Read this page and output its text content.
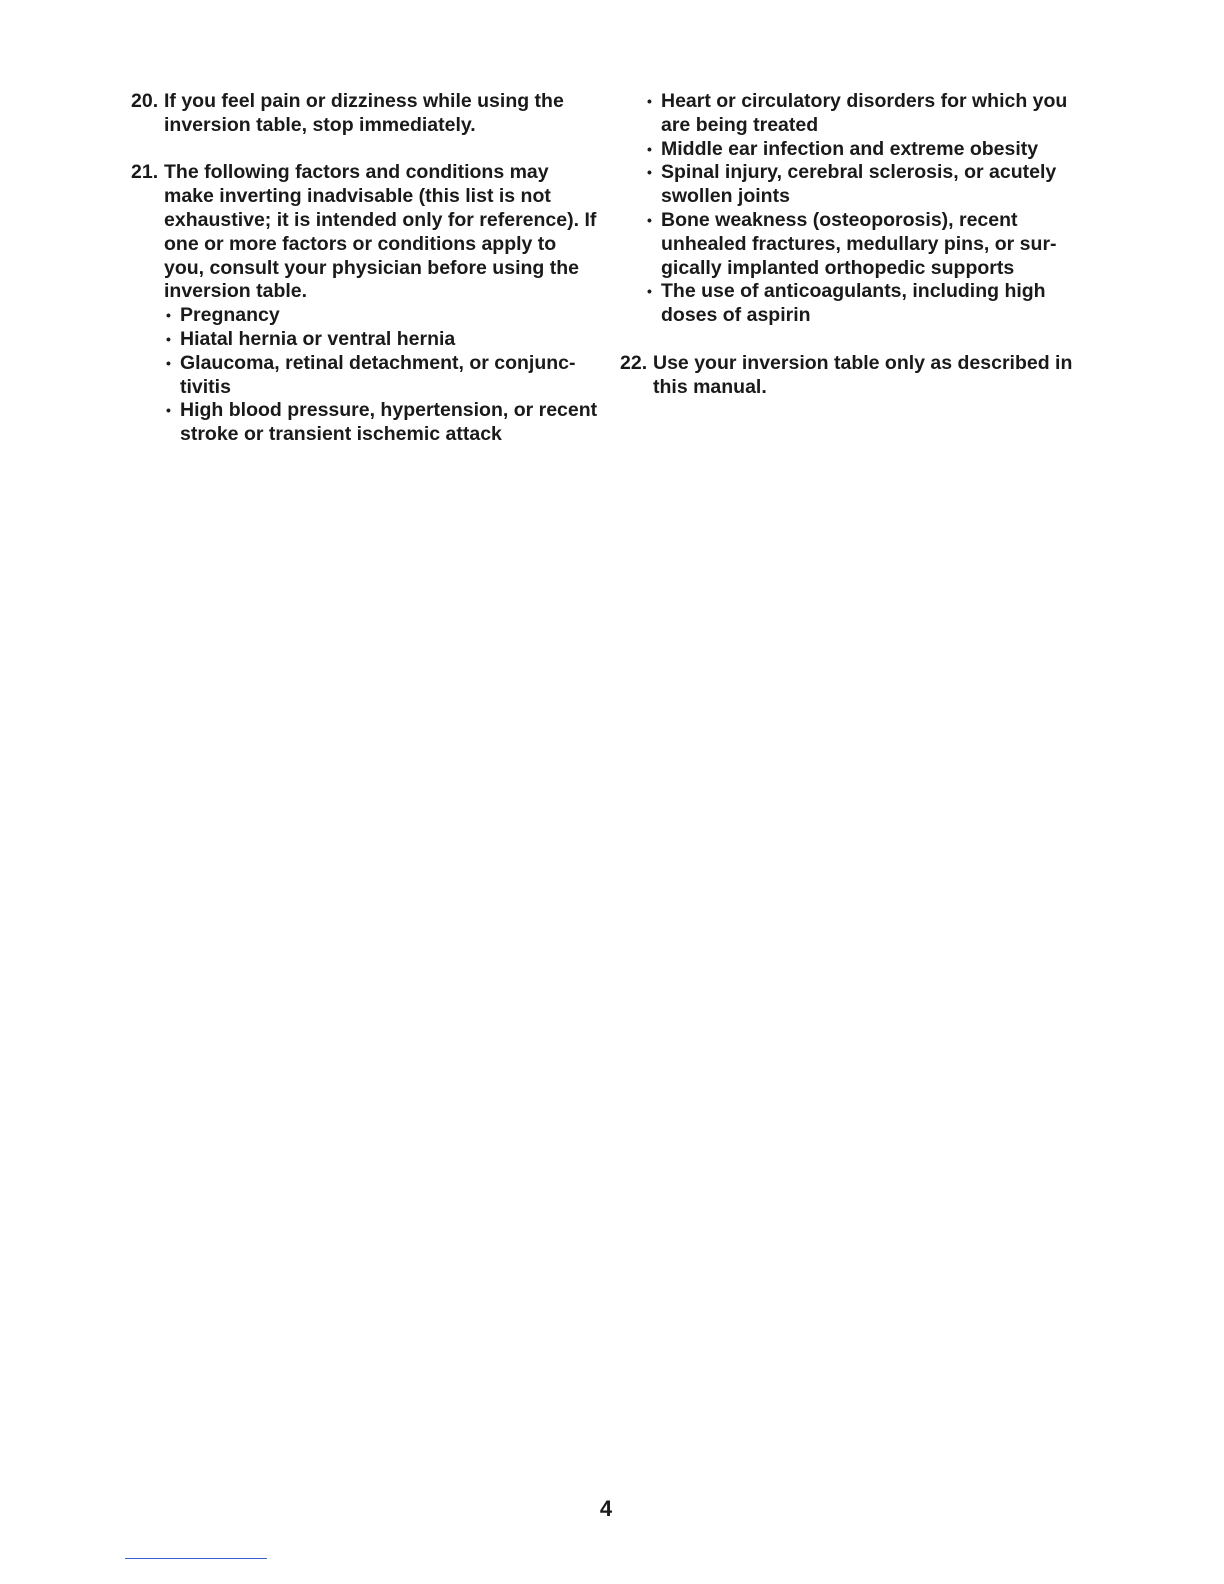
20. If you feel pain or dizziness while using the inversion table, stop immediately.
21. The following factors and conditions may make inverting inadvisable (this list is not exhaustive; it is intended only for reference). If one or more factors or conditions apply to you, consult your physician before using the inversion table.
• Pregnancy
• Hiatal hernia or ventral hernia
• Glaucoma, retinal detachment, or conjunc-tivitis
• High blood pressure, hypertension, or recent stroke or transient ischemic attack
• Heart or circulatory disorders for which you are being treated
• Middle ear infection and extreme obesity
• Spinal injury, cerebral sclerosis, or acutely swollen joints
• Bone weakness (osteoporosis), recent unhealed fractures, medullary pins, or sur-gically implanted orthopedic supports
• The use of anticoagulants, including high doses of aspirin
22. Use your inversion table only as described in this manual.
4
